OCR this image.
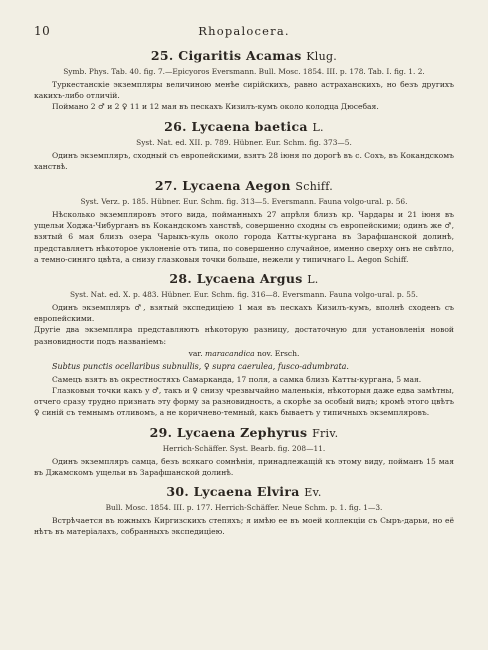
10	Rhopalocera.
25. Cigaritis Acamas Klug.

Symb. Phys. Tab. 40. fig. 7.—Epicyoros Eversmann. Bull. Mosc. 1854. III. p. 178. Tab. I. fig. 1. 2.

Туркестанскіе экземпляры величиною менѣе сирійскихъ, равно астраханскихъ, но безъ другихъ какихъ-либо отличій.

Поймано 2 ♂ и 2 ♀ 11 и 12 мая въ пескахъ Кизилъ-кумъ около колодца Дюсебая.

26. Lycaena baetica L.

Syst. Nat. ed. XII. p. 789. Hübner. Eur. Schm. fig. 373—5.

Одинъ экземпляръ, сходный съ европейскими, взятъ 28 іюня по дорогѣ въ с. Сохъ, въ Кокандскомъ ханствѣ.

27. Lycaena Aegon Schiff.

Syst. Verz. p. 185. Hübner. Eur. Schm. fig. 313—5. Eversmann. Fauna volgo-ural. p. 56.

Нѣсколько экземпляровъ этого вида, пойманныхъ 27 апрѣля близъ кр. Чардары и 21 іюня въ ущельи Ходжа-Чибурганъ въ Кокандскомъ ханствѣ, совершенно сходны съ европейскими; одинъ же ♂, взятый 6 мая близъ озера Чарыкъ-куль около города Катты-кургана въ Зарафшанской долинѣ, представляетъ нѣкоторое уклоненіе отъ типа, по совершенно случайное, именно сверху онъ не свѣтло, а темно-синяго цвѣта, а снизу глазковыя точки больше, нежели у типичнаго L. Aegon Schiff.

28. Lycaena Argus L.

Syst. Nat. ed. X. p. 483. Hübner. Eur. Schm. fig. 316—8. Eversmann. Fauna volgo-ural. p. 55.

Одинъ экземпляръ ♂, взятый экспедиціею 1 мая въ пескахъ Кизилъ-кумъ, вполнѣ сходенъ съ европейскими.

Другіе два экземпляра представляютъ нѣкоторую разницу, достаточную для установленія новой разновидности подъ названіемъ:

var. maracandica nov. Ersch.
Subtus punctis ocellaribus subnullis, ♀ supra caerulea, fusco-adumbrata.

Самецъ взятъ въ окрестностяхъ Самарканда, 17 поля, а самка близъ Катты-кургана, 5 мая.

Глазковыя точки какъ у ♂, такъ и ♀ снизу чрезвычайно маленькія, нѣкоторыя даже едва замѣтны, отчего сразу трудно признать эту форму за разновидность, а скорѣе за особый видъ; кромѣ этого цвѣтъ ♀ синій съ темнымъ отливомъ, а не коричнево-темный, какъ бываетъ у типичныхъ экземпляровъ.

29. Lycaena Zephyrus Friv.

Herrich-Schäffer. Syst. Bearb. fig. 208—11.

Одинъ экземпляръ самца, безъ всякаго сомнѣнія, принадлежащій къ этому виду, пойманъ 15 мая въ Джамскомъ ущельи въ Зарафшанской долинѣ.

30. Lycaena Elvira Ev.

Bull. Mosc. 1854. III. p. 177. Herrich-Schäffer. Neue Schm. p. 1. fig. 1—3.

Встрѣчается въ южныхъ Киргизскихъ степяхъ; я имѣю ее въ моей коллекціи съ Сыръ-дарьи, но её нѣтъ въ матеріалахъ, собранныхъ экспедиціею.
